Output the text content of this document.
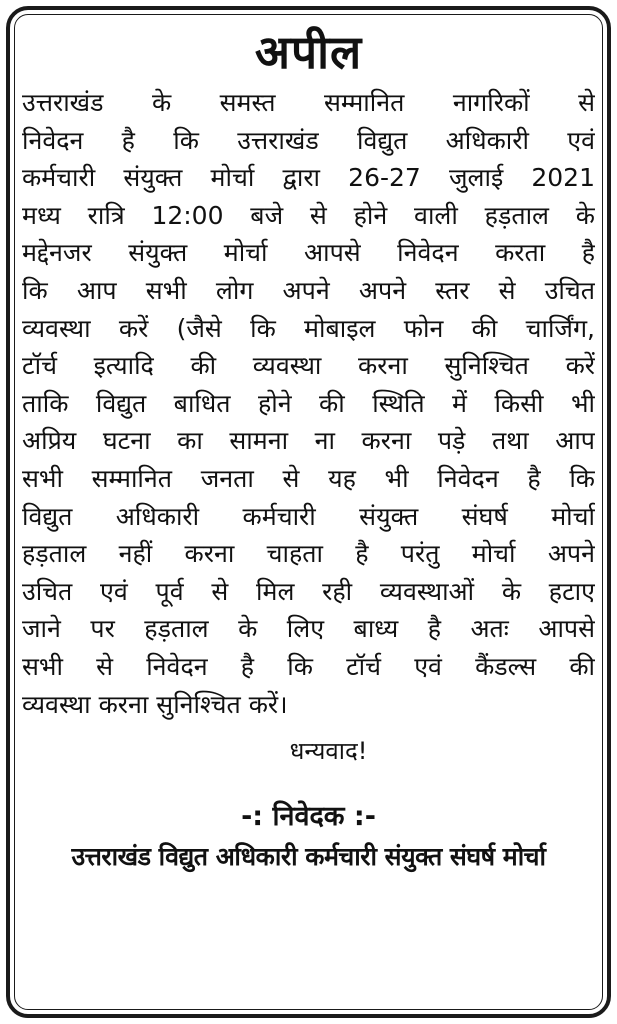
अपील
उत्तराखंड के समस्त सम्मानित नागरिकों से
निवेदन है कि उत्तराखंड विद्युत अधिकारी एवं
कर्मचारी संयुक्त मोर्चा द्वारा 26-27 जुलाई 2021
मध्य रात्रि 12:00 बजे से होने वाली हड़ताल के
मद्देनजर संयुक्त मोर्चा आपसे निवेदन करता है
कि आप सभी लोग अपने अपने स्तर से उचित
व्यवस्था करें (जैसे कि मोबाइल फोन की चार्जिंग,
टॉर्च इत्यादि की व्यवस्था करना सुनिश्चित करें
ताकि विद्युत बाधित होने की स्थिति में किसी भी
अप्रिय घटना का सामना ना करना पड़े तथा आप
सभी सम्मानित जनता से यह भी निवेदन है कि
विद्युत अधिकारी कर्मचारी संयुक्त संघर्ष मोर्चा
हड़ताल नहीं करना चाहता है परंतु मोर्चा अपने
उचित एवं पूर्व से मिल रही व्यवस्थाओं के हटाए
जाने पर हड़ताल के लिए बाध्य है अतः आपसे
सभी से निवेदन है कि टॉर्च एवं कैंडल्स की
व्यवस्था करना सुनिश्चित करें।
धन्यवाद!
-: निवेदक :-
उत्तराखंड विद्युत अधिकारी कर्मचारी संयुक्त संघर्ष मोर्चा
